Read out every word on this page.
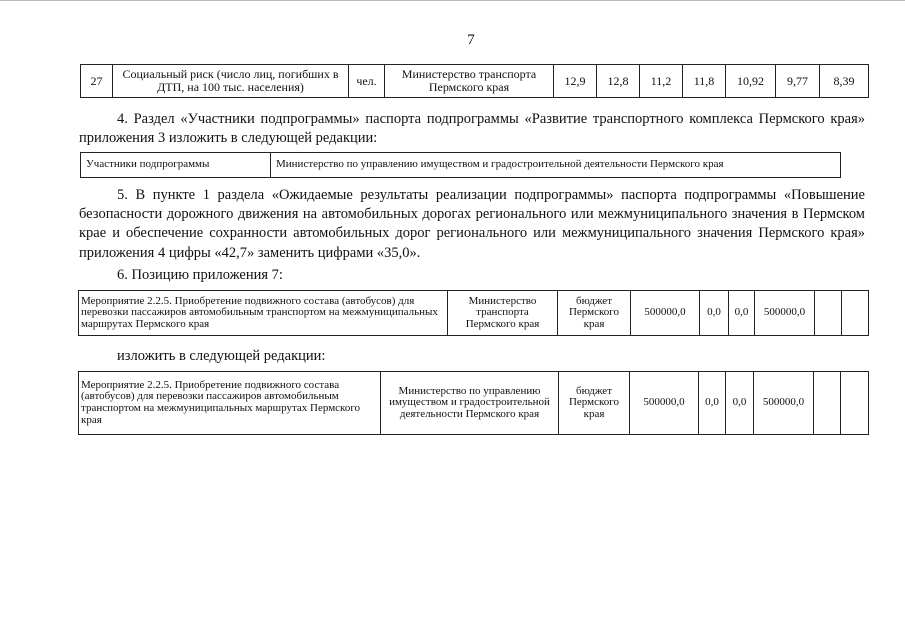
7
27	Социальный риск (число лиц, погибших в ДТП, на 100 тыс. населения)	чел.	Министерство транспорта Пермского края	12,9	12,8	11,2	11,8	10,92	9,77	8,39

4. Раздел «Участники подпрограммы» паспорта подпрограммы «Развитие транспортного комплекса Пермского края» приложения 3 изложить в следующей редакции:

Участники подпрограммы	Министерство по управлению имуществом и градостроительной деятельности Пермского края

5. В пункте 1 раздела «Ожидаемые результаты реализации подпрограммы» паспорта подпрограммы «Повышение безопасности дорожного движения на автомобильных дорогах регионального или межмуниципального значения в Пермском крае и обеспечение сохранности автомобильных дорог регионального или межмуниципального значения Пермского края» приложения 4 цифры «42,7» заменить цифрами «35,0».

6. Позицию приложения 7:

Мероприятие 2.2.5. Приобретение подвижного состава (автобусов) для перевозки пассажиров автомобильным транспортом на межмуниципальных маршрутах Пермского края	Министерство транспорта Пермского края	бюджет Пермского края	500000,0	0,0	0,0	500000,0		

изложить в следующей редакции:

Мероприятие 2.2.5. Приобретение подвижного состава (автобусов) для перевозки пассажиров автомобильным транспортом на межмуниципальных маршрутах Пермского края	Министерство по управлению имуществом и градостроительной деятельности Пермского края	бюджет Пермского края	500000,0	0,0	0,0	500000,0		
